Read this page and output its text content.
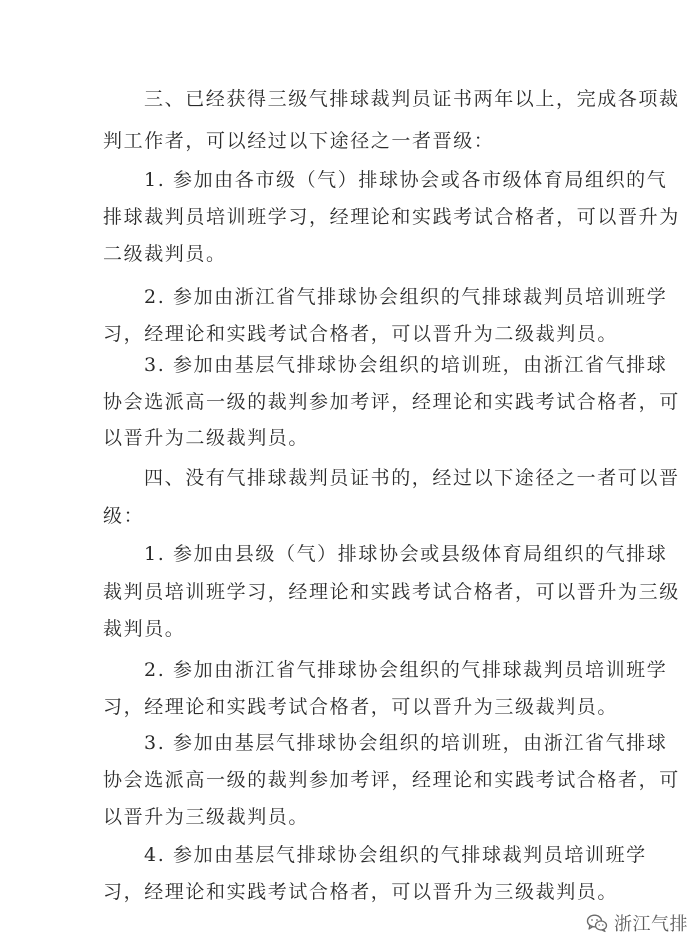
三、已经获得三级气排球裁判员证书两年以上，完成各项裁
判工作者，可以经过以下途径之一者晋级：
1. 参加由各市级（气）排球协会或各市级体育局组织的气
排球裁判员培训班学习，经理论和实践考试合格者，可以晋升为
二级裁判员。
2. 参加由浙江省气排球协会组织的气排球裁判员培训班学
习，经理论和实践考试合格者，可以晋升为二级裁判员。
3. 参加由基层气排球协会组织的培训班，由浙江省气排球
协会选派高一级的裁判参加考评，经理论和实践考试合格者，可
以晋升为二级裁判员。
四、没有气排球裁判员证书的，经过以下途径之一者可以晋
级：
1. 参加由县级（气）排球协会或县级体育局组织的气排球
裁判员培训班学习，经理论和实践考试合格者，可以晋升为三级
裁判员。
2. 参加由浙江省气排球协会组织的气排球裁判员培训班学
习，经理论和实践考试合格者，可以晋升为三级裁判员。
3. 参加由基层气排球协会组织的培训班，由浙江省气排球
协会选派高一级的裁判参加考评，经理论和实践考试合格者，可
以晋升为三级裁判员。
4. 参加由基层气排球协会组织的气排球裁判员培训班学
习，经理论和实践考试合格者，可以晋升为三级裁判员。
浙江气排
